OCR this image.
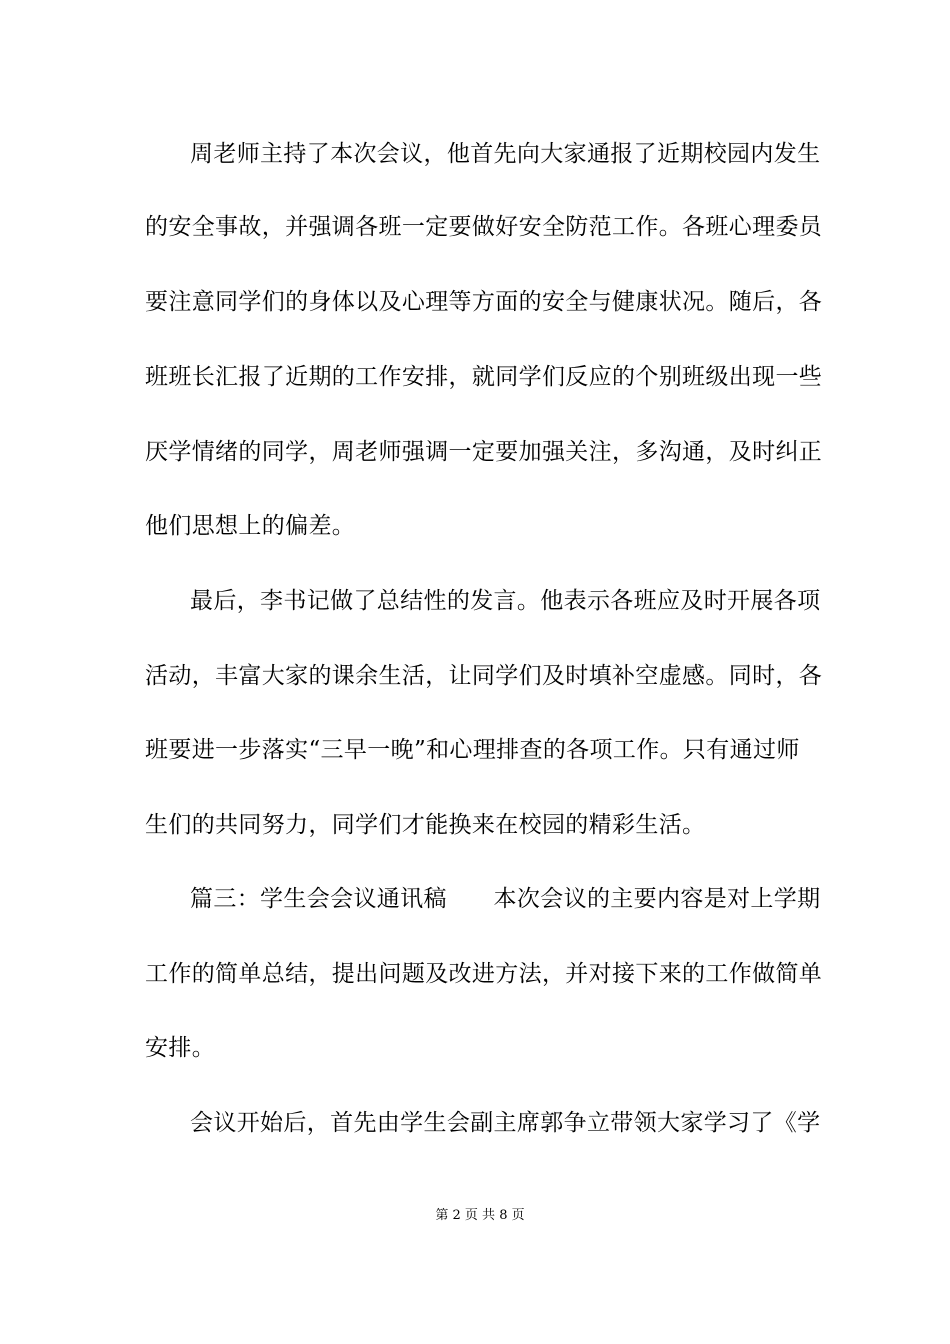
周老师主持了本次会议，他首先向大家通报了近期校园内发生
的安全事故，并强调各班一定要做好安全防范工作。各班心理委员
要注意同学们的身体以及心理等方面的安全与健康状况。随后，各
班班长汇报了近期的工作安排，就同学们反应的个别班级出现一些
厌学情绪的同学，周老师强调一定要加强关注，多沟通，及时纠正
他们思想上的偏差。
最后，李书记做了总结性的发言。他表示各班应及时开展各项
活动，丰富大家的课余生活，让同学们及时填补空虚感。同时，各
班要进一步落实“三早一晚”和心理排查的各项工作。只有通过师
生们的共同努力，同学们才能换来在校园的精彩生活。
篇三：学生会会议通讯稿　　本次会议的主要内容是对上学期
工作的简单总结，提出问题及改进方法，并对接下来的工作做简单
安排。
会议开始后，首先由学生会副主席郭争立带领大家学习了《学
第 2 页 共 8 页
